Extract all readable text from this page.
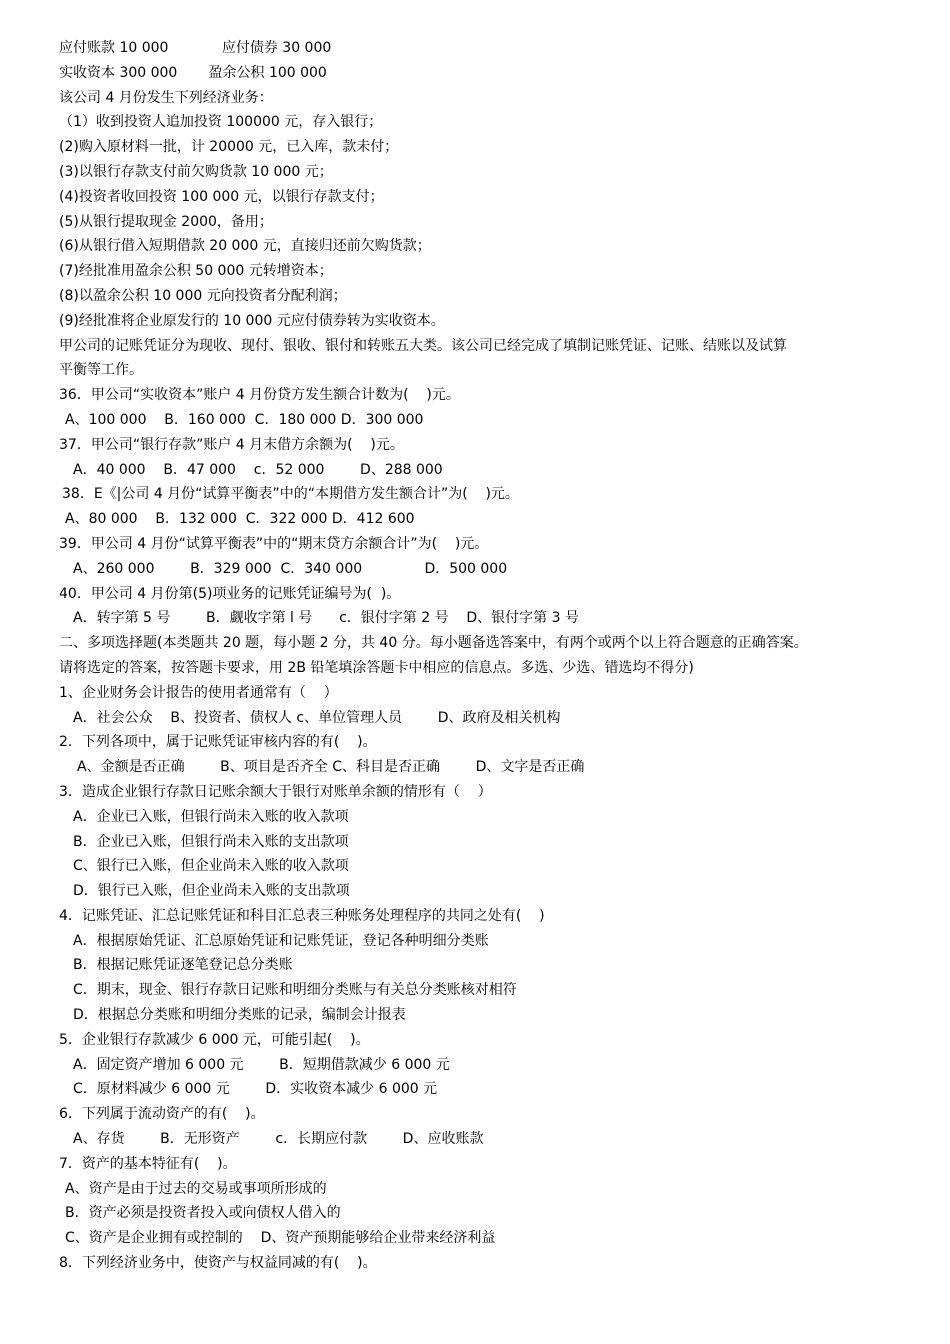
应付账款 10 000            应付债券 30 000
实收资本 300 000       盈余公积 100 000
该公司 4 月份发生下列经济业务：
（1）收到投资人追加投资 100000 元，存入银行；
(2)购入原材料一批，计 20000 元，已入库，款未付；
(3)以银行存款支付前欠购货款 10 000 元；
(4)投资者收回投资 100 000 元，以银行存款支付；
(5)从银行提取现金 2000，备用；
(6)从银行借入短期借款 20 000 元，直接归还前欠购货款；
(7)经批准用盈余公积 50 000 元转增资本；
(8)以盈余公积 10 000 元向投资者分配利润；
(9)经批准将企业原发行的 10 000 元应付债券转为实收资本。
甲公司的记账凭证分为现收、现付、银收、银付和转账五大类。该公司已经完成了填制记账凭证、记账、结账以及试算
平衡等工作。
36．甲公司“实收资本”账户 4 月份贷方发生额合计数为(    )元。
A、100 000    B．160 000  C．180 000 D．300 000
37．甲公司“银行存款”账户 4 月末借方余额为(    )元。
A．40 000    B．47 000    c．52 000        D、288 000
38．E《|公司 4 月份“试算平衡表”中的“本期借方发生额合计”为(    )元。
A、80 000    B．132 000  C．322 000 D．412 600
39．甲公司 4 月份“试算平衡表”中的“期末贷方余额合计”为(    )元。
A、260 000        B．329 000  C．340 000              D．500 000
40．甲公司 4 月份第(5)项业务的记账凭证编号为(  )。
A．转字第 5 号        B．觑收字第 l 号      c．银付字第 2 号    D、银付字第 3 号
二、多项选择题(本类题共 20 题，每小题 2 分，共 40 分。每小题备选答案中，有两个或两个以上符合题意的正确答案。
请将选定的答案，按答题卡要求，用 2B 铅笔填涂答题卡中相应的信息点。多选、少选、错选均不得分)
1、企业财务会计报告的使用者通常有（    ）
A．社会公众    B、投资者、债权人 c、单位管理人员        D、政府及相关机构
2．下列各项中，属于记账凭证审核内容的有(    )。
A、金额是否正确        B、项目是否齐全 C、科目是否正确        D、文字是否正确
3．造成企业银行存款日记账余额大于银行对账单余额的情形有（    ）
A．企业已入账，但银行尚未入账的收入款项
B．企业已入账，但银行尚未入账的支出款项
C、银行已入账，但企业尚未入账的收入款项
D．银行已入账，但企业尚未入账的支出款项
4．记账凭证、汇总记账凭证和科目汇总表三种账务处理程序的共同之处有(    )
A．根据原始凭证、汇总原始凭证和记账凭证，登记各种明细分类账
B．根据记账凭证逐笔登记总分类账
C．期末，现金、银行存款日记账和明细分类账与有关总分类账核对相符
D．根据总分类账和明细分类账的记录，编制会计报表
5．企业银行存款减少 6 000 元，可能引起(    )。
A．固定资产增加 6 000 元        B．短期借款减少 6 000 元
C．原材料减少 6 000 元        D．实收资本减少 6 000 元
6．下列属于流动资产的有(    )。
A、存货        B．无形资产        c．长期应付款        D、应收账款
7．资产的基本特征有(    )。
A、资产是由于过去的交易或事项所形成的
B．资产必须是投资者投入或向债权人借入的
C、资产是企业拥有或控制的    D、资产预期能够给企业带来经济利益
8．下列经济业务中，使资产与权益同减的有(    )。
